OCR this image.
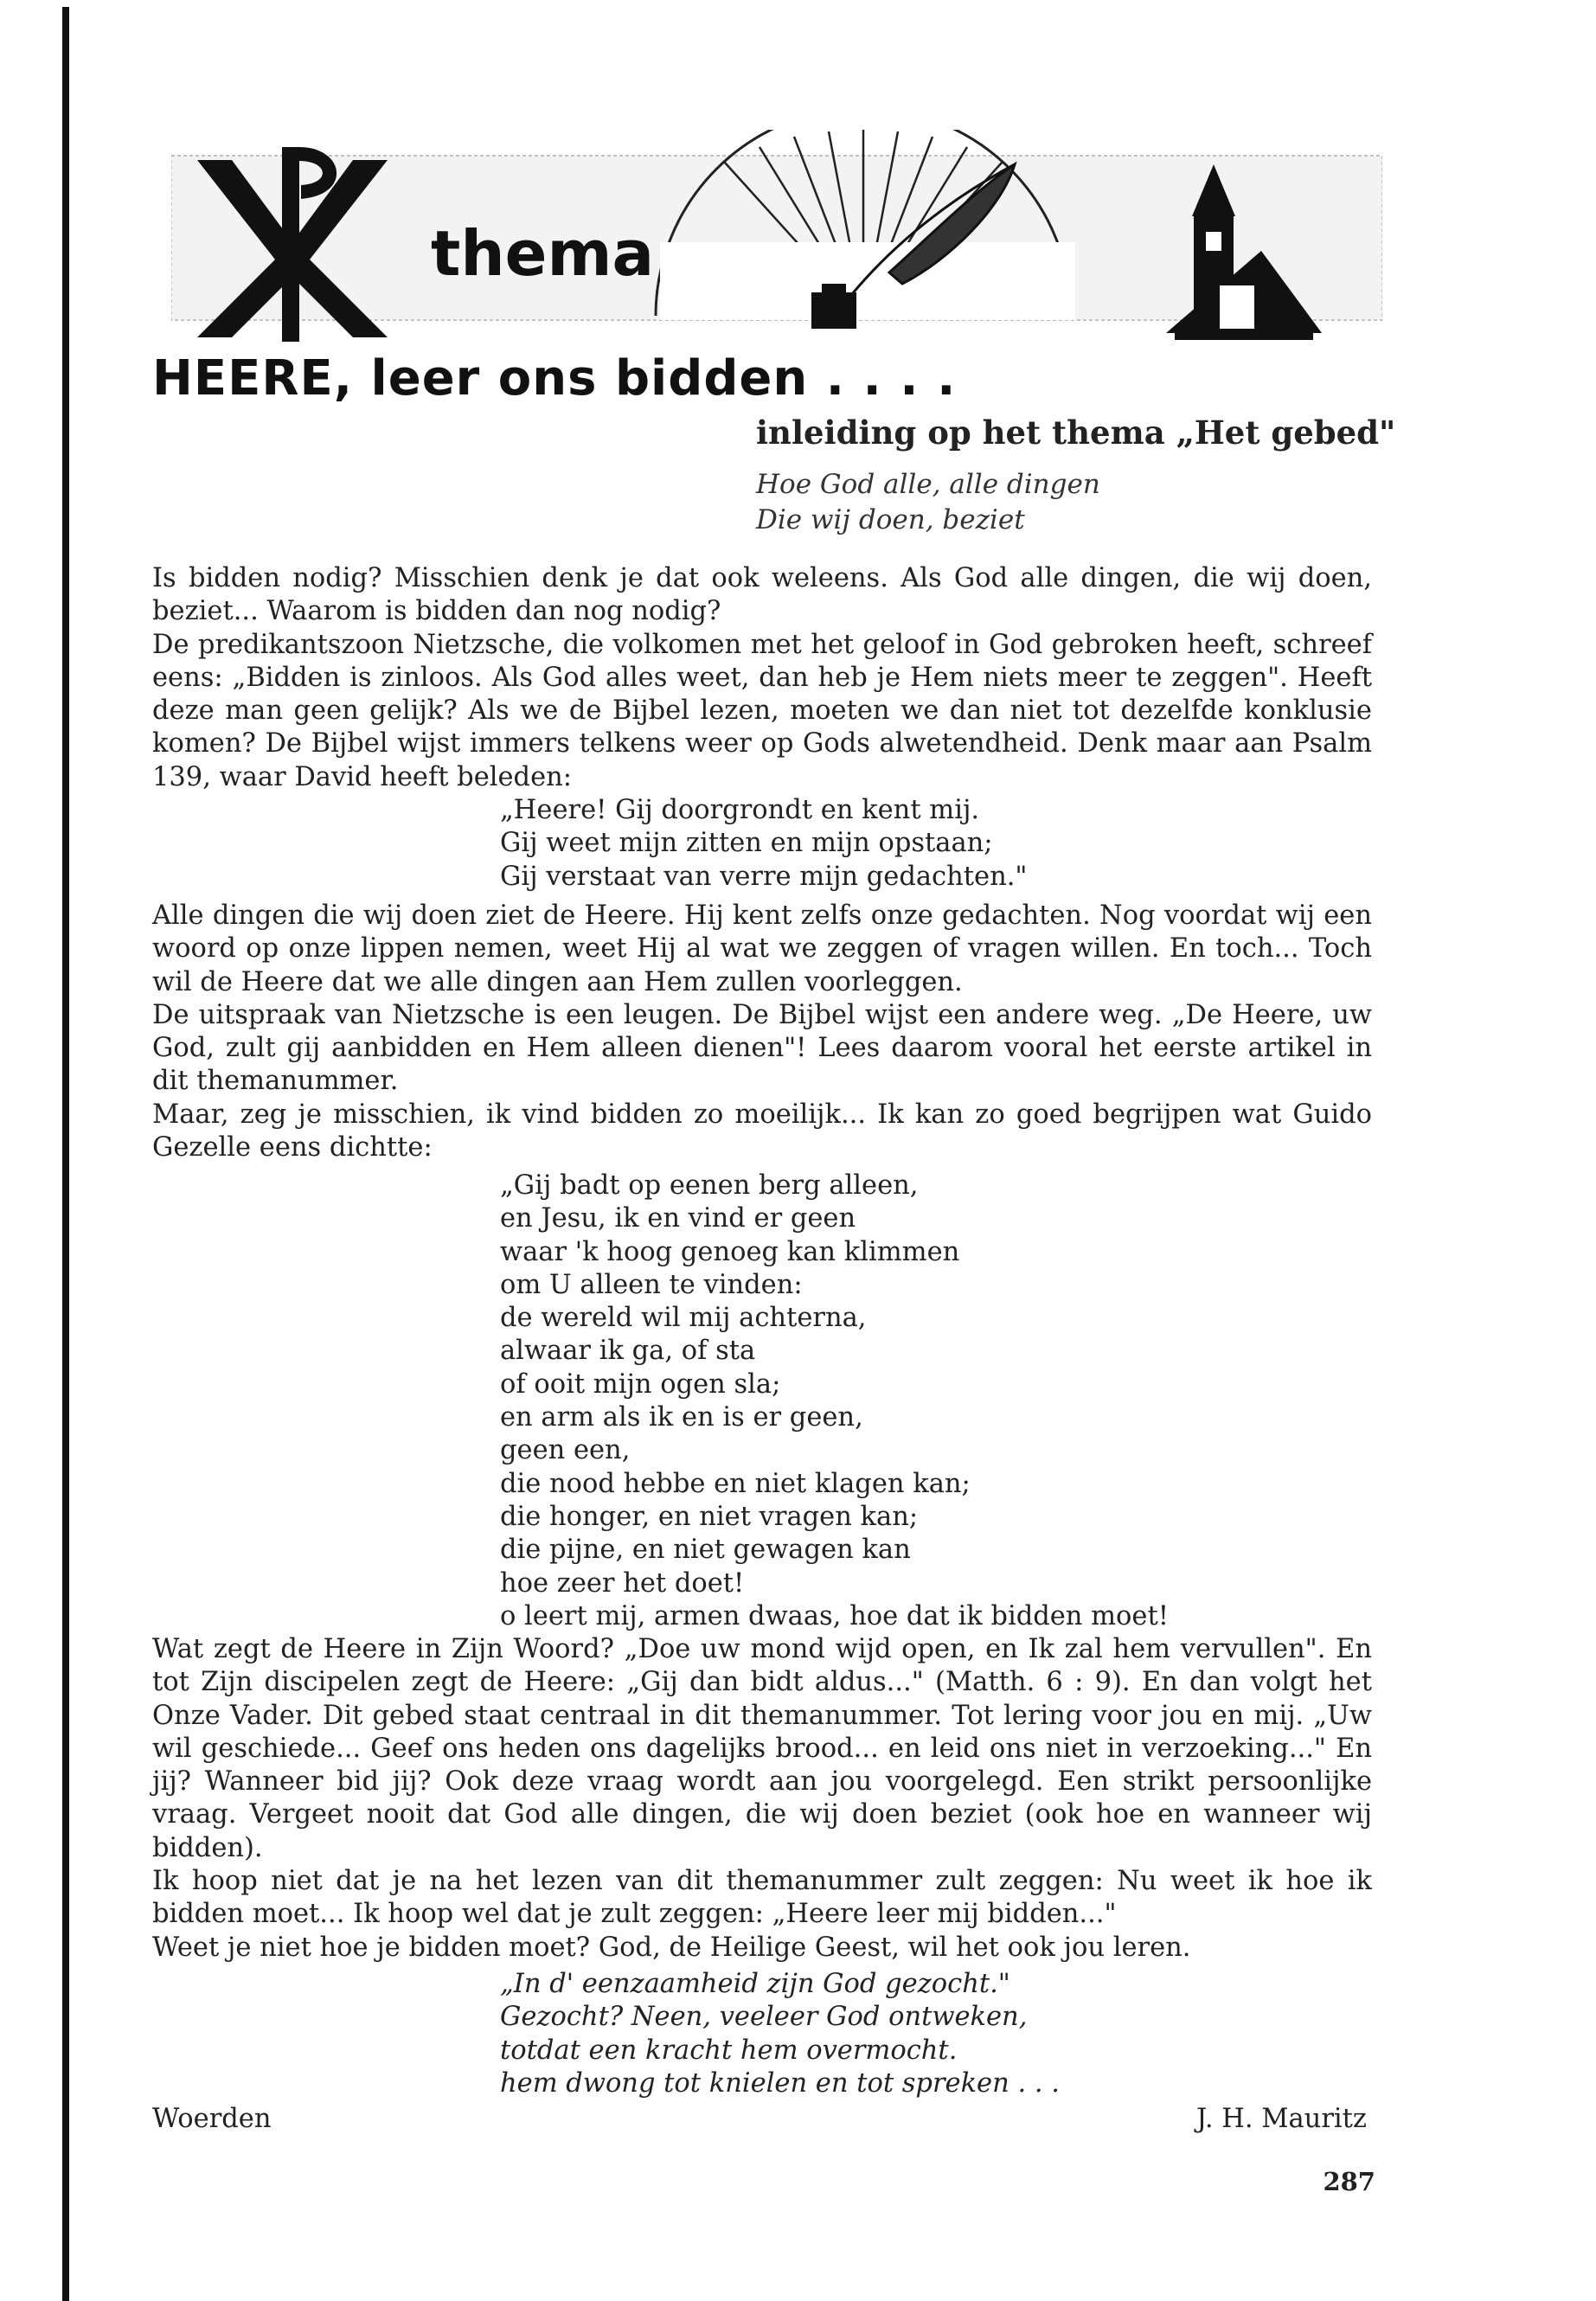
thema
HEERE, leer ons bidden . . . .
inleiding op het thema „Het gebed"
Hoe God alle, alle dingen
Die wij doen, beziet

Is bidden nodig? Misschien denk je dat ook weleens. Als God alle dingen, die wij doen, beziet... Waarom is bidden dan nog nodig?

De predikantszoon Nietzsche, die volkomen met het geloof in God gebroken heeft, schreef eens: „Bidden is zinloos. Als God alles weet, dan heb je Hem niets meer te zeggen". Heeft deze man geen gelijk? Als we de Bijbel lezen, moeten we dan niet tot dezelfde konklusie komen? De Bijbel wijst immers telkens weer op Gods alwetendheid. Denk maar aan Psalm 139, waar David heeft beleden:

„Heere! Gij doorgrondt en kent mij.
Gij weet mijn zitten en mijn opstaan;
Gij verstaat van verre mijn gedachten."

Alle dingen die wij doen ziet de Heere. Hij kent zelfs onze gedachten. Nog voordat wij een woord op onze lippen nemen, weet Hij al wat we zeggen of vragen willen. En toch... Toch wil de Heere dat we alle dingen aan Hem zullen voorleggen.

De uitspraak van Nietzsche is een leugen. De Bijbel wijst een andere weg. „De Heere, uw God, zult gij aanbidden en Hem alleen dienen"! Lees daarom vooral het eerste artikel in dit themanummer.

Maar, zeg je misschien, ik vind bidden zo moeilijk... Ik kan zo goed begrijpen wat Guido Gezelle eens dichtte:

„Gij badt op eenen berg alleen,
en Jesu, ik en vind er geen
waar 'k hoog genoeg kan klimmen
om U alleen te vinden:
de wereld wil mij achterna,
alwaar ik ga, of sta
of ooit mijn ogen sla;
en arm als ik en is er geen,
geen een,
die nood hebbe en niet klagen kan;
die honger, en niet vragen kan;
die pijne, en niet gewagen kan
hoe zeer het doet!
o leert mij, armen dwaas, hoe dat ik bidden moet!

Wat zegt de Heere in Zijn Woord? „Doe uw mond wijd open, en Ik zal hem vervullen". En tot Zijn discipelen zegt de Heere: „Gij dan bidt aldus..." (Matth. 6 : 9). En dan volgt het Onze Vader. Dit gebed staat centraal in dit themanummer. Tot lering voor jou en mij. „Uw wil geschiede... Geef ons heden ons dagelijks brood... en leid ons niet in verzoeking..." En jij? Wanneer bid jij? Ook deze vraag wordt aan jou voorgelegd. Een strikt persoonlijke vraag. Vergeet nooit dat God alle dingen, die wij doen beziet (ook hoe en wanneer wij bidden).

Ik hoop niet dat je na het lezen van dit themanummer zult zeggen: Nu weet ik hoe ik bidden moet... Ik hoop wel dat je zult zeggen: „Heere leer mij bidden..."

Weet je niet hoe je bidden moet? God, de Heilige Geest, wil het ook jou leren.

„In d' eenzaamheid zijn God gezocht."
Gezocht? Neen, veeleer God ontweken,
totdat een kracht hem overmocht.
hem dwong tot knielen en tot spreken . . .
Woerden	J. H. Mauritz
287
